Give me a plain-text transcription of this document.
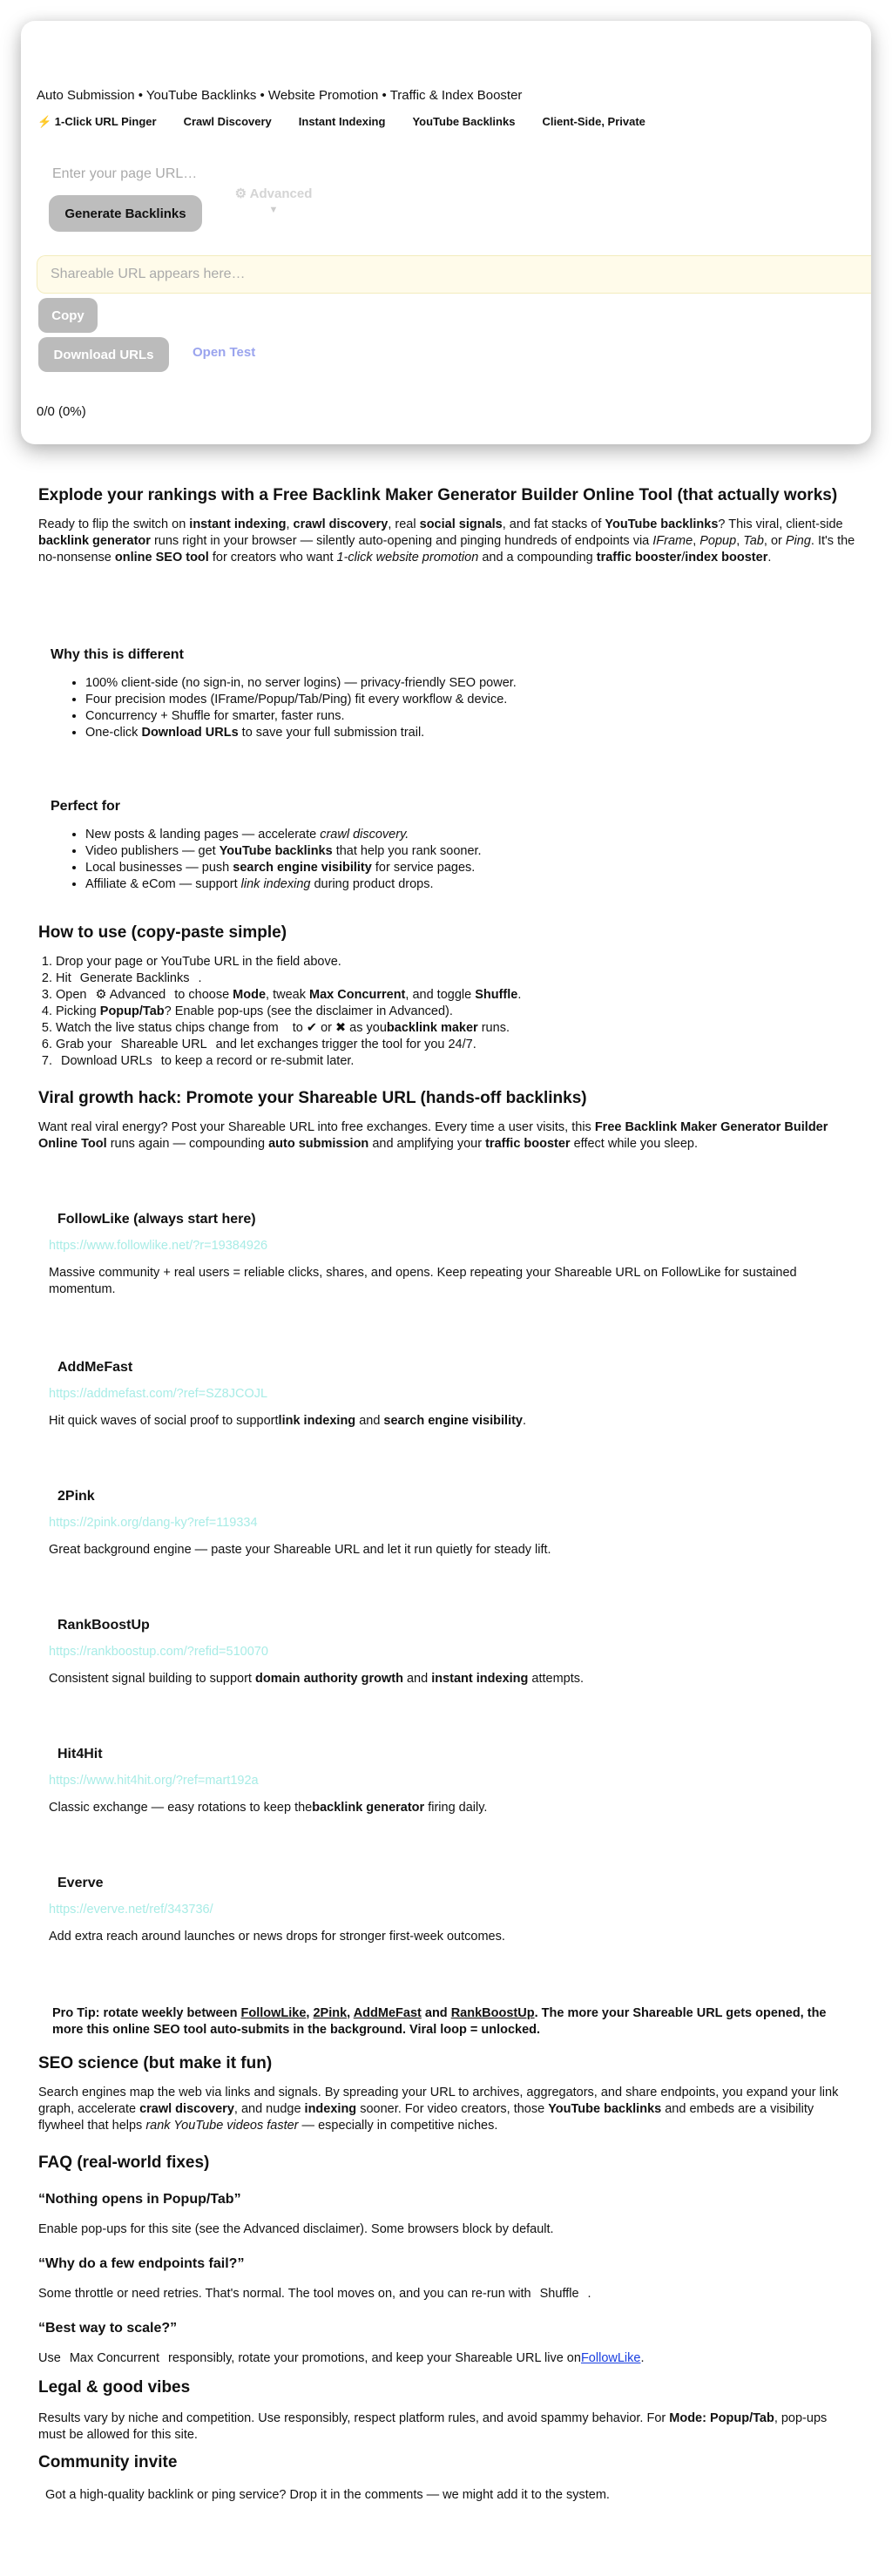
Auto Submission • YouTube Backlinks • Website Promotion • Traffic & Index Booster
⚡ 1-Click URL Pinger	Crawl Discovery	Instant Indexing	YouTube Backlinks	Client-Side, Private
Enter your page URL…
Generate Backlinks
⚙ Advanced
▼
Shareable URL appears here…
Copy
Download URLs	Open Test
0/0 (0%)
Explode your rankings with a Free Backlink Maker Generator Builder Online Tool (that actually works)

Ready to flip the switch on instant indexing, crawl discovery, real social signals, and fat stacks of YouTube backlinks? This viral, client-side backlink generator runs right in your browser — silently auto-opening and pinging hundreds of endpoints via IFrame, Popup, Tab, or Ping. It's the no-nonsense online SEO tool for creators who want 1-click website promotion and a compounding traffic booster/index booster.

Why this is different
• 100% client-side (no sign-in, no server logins) — privacy-friendly SEO power.
• Four precision modes (IFrame/Popup/Tab/Ping) fit every workflow & device.
• Concurrency + Shuffle for smarter, faster runs.
• One-click Download URLs to save your full submission trail.
Perfect for
• New posts & landing pages — accelerate crawl discovery.
• Video publishers — get YouTube backlinks that help you rank sooner.
• Local businesses — push search engine visibility for service pages.
• Affiliate & eCom — support link indexing during product drops.
How to use (copy-paste simple)
1. Drop your page or YouTube URL in the field above.
2. Hit Generate Backlinks .
3. Open ⚙ Advanced to choose Mode, tweak Max Concurrent, and toggle Shuffle.
4. Picking Popup/Tab? Enable pop-ups (see the disclaimer in Advanced).
5. Watch the live status chips change from to ✔ or ✖ as youbacklink maker runs.
6. Grab your Shareable URL and let exchanges trigger the tool for you 24/7.
7. Download URLs to keep a record or re-submit later.
Viral growth hack: Promote your Shareable URL (hands-off backlinks)

Want real viral energy? Post your Shareable URL into free exchanges. Every time a user visits, this Free Backlink Maker Generator Builder Online Tool runs again — compounding auto submission and amplifying your traffic booster effect while you sleep.

FollowLike (always start here)
https://www.followlike.net/?r=19384926

Massive community + real users = reliable clicks, shares, and opens. Keep repeating your Shareable URL on FollowLike for sustained momentum.

AddMeFast
https://addmefast.com/?ref=SZ8JCOJL

Hit quick waves of social proof to supportlink indexing and search engine visibility.

2Pink
https://2pink.org/dang-ky?ref=119334

Great background engine — paste your Shareable URL and let it run quietly for steady lift.

RankBoostUp
https://rankboostup.com/?refid=510070

Consistent signal building to support domain authority growth and instant indexing attempts.

Hit4Hit
https://www.hit4hit.org/?ref=mart192a

Classic exchange — easy rotations to keep thebacklink generator firing daily.

Everve
https://everve.net/ref/343736/

Add extra reach around launches or news drops for stronger first-week outcomes.

Pro Tip: rotate weekly between FollowLike, 2Pink, AddMeFast and RankBoostUp. The more your Shareable URL gets opened, the more this online SEO tool auto-submits in the background. Viral loop = unlocked.
SEO science (but make it fun)

Search engines map the web via links and signals. By spreading your URL to archives, aggregators, and share endpoints, you expand your link graph, accelerate crawl discovery, and nudge indexing sooner. For video creators, those YouTube backlinks and embeds are a visibility flywheel that helps rank YouTube videos faster — especially in competitive niches.

FAQ (real-world fixes)
“Nothing opens in Popup/Tab”

Enable pop-ups for this site (see the Advanced disclaimer). Some browsers block by default.

“Why do a few endpoints fail?”

Some throttle or need retries. That's normal. The tool moves on, and you can re-run with Shuffle .

“Best way to scale?”

Use Max Concurrent responsibly, rotate your promotions, and keep your Shareable URL live onFollowLike.

Legal & good vibes

Results vary by niche and competition. Use responsibly, respect platform rules, and avoid spammy behavior. For Mode: Popup/Tab, pop-ups must be allowed for this site.

Community invite

Got a high-quality backlink or ping service? Drop it in the comments — we might add it to the system.
